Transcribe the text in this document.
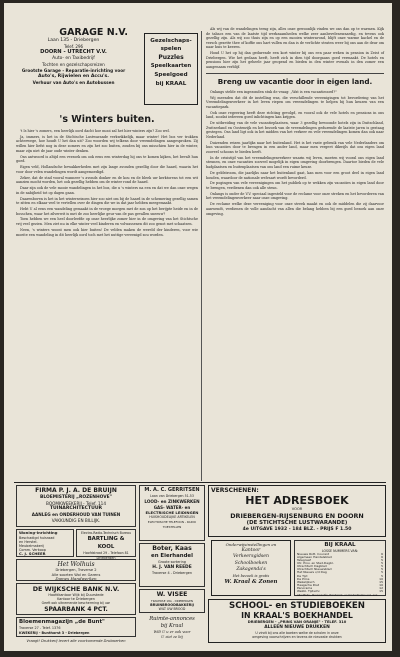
GARAGE N.V.
Laan 135 - Driebergen
Telef. 296
DOORN - UTRECHT V.V.
Auto- en Taxibedrijf
Tochten en gezelschapsreizen
Grootste Garage - Reparatie-inrichting voor
Auto's, Rijwielen en Accu's.
Verhuur van Auto's en Autobussen
Gezelschaps-
spelen
Puzzles
Speelkaarten
Speelgoed
bij KRAAL
's Winters buiten.

't Is hier 's zomers, een heerlijk oord dacht hoe mooi zal het hier winters zijn? Zoo wel.

Ja, immers, is het in de Stichtsche Lustwarande verkwikkelijk, maar winter! Het bos ver trokken achterwege, hoe houdt U het dan uit? Zoo woorden wij telkens door vreemdelingen aangesproken. Zij willen hier liefst nog in deze zomers en zijn het zoo buiten, zouden bij ons misschien hier in de winter, maar zijn niet de jaar oude winter denken.

Ons antwoord is altijd een verzoek om ook eens een winterdag hij ons te komen kijken, het bevalt hun goed.

Eigen veld, Hollandsche bewakkerheden met zijn lange avonden gezellig door die haard, waarin het voor door velen wandelingen wordt aangemoedigd.

Zeker, dat de stad vooral wanneer 's avonds donker en de kou en de bleek uw kerktorens tot een wit aanzien mocht worden, het ook gezellig hebben om de winter rond de haard.

Daar zijn ook de vele mooie wandelingen in het bos, die u 's winters na een en dat we dan onze wegen in de nabijheid tot op dagen gaan.

Daarenboven is het in het winterseizoen hier zoo niet om bij de haard in de schemering gezellig samen te zitten en elkaar veel te vertellen over de dingen die we in dat jaar hebben meegemaakt.

Hebt U al eens een wandeling gemaakt in de vroege morgen met de zon op het berijpte heide en in de bosschen, waar het zilverwit is met de zoo heerlijke geur van de pas gevallen sneeuw?

Toen hebben we een heel doorleefde op onze heerlijke zomer hier in de omgeving van het Stichtsche vrij veel gezien. Men ziet nu in elke winter veel kinderen en volwassenen dit zoo genot met schaatsen.

Neen, 's winters woont men ook hier buiten! De velden maken de wereld der kinderen, voor wie moeite een wandeling in dit heerlijk oord toch met het nuttige vereenigd zou worden.

Als wij van de wandelingen terug zijn, alles onze gewoonlijk vinden we ons dan op te warmen. Kijk de tabacs een van de laatste tijd werkzaamheden welke zeer aanbevelenswaardig, en tevens ook gezellig zijn. Als wij zoo thuis zijn en op een mooien winteravond, blijft onze warme kachel en de versch gezette thee of koffie ons hart vullen en dan is de verlichte straten weer bij ons aan de deur om naar huis te keeren.

Houd U het op hij dan gedurende een kort winter bij ons een paar weken in pension in Zeist of Driebergen. Wie het gedaan heeft, heeft zich in dien tijd doorgaans goed vermaakt. De hotels en pensions hier zijn het geheele jaar geopend en bieden in den winter evenals in den zomer een aangenaam verblijf.

Breng uw vacantie door in eigen land.

Onlangs stelde een ingezonden stuk de vraag: „Wat is een vacantieoord?"

Wij meenden dat dit de instelling was, die verschillende vereenigingen tot bevordering van het Vreemdelingenverkeer in het leven riepen om vreemdelingen te helpen bij hun keuzen van een vacantiepark.

Ook onze regeering heeft deze richting gevolgd, en vooral ook de vele hotels en pensions in ons land, zoodat iedereen goed inlichtingen kan krijgen.

De uitbreiding van de vele vacantieplaatsen, waar 3 gezellig bewoonde hotels zijn in Duitschland, Zwitserland en Oostenrijk en het bezoek van de vreemdelingen gedurende de laatste jaren is gestaag gestegen. Ons land ligt ook in het midden van het verkeer en vele vreemdelingen komen dan ook naar Nederland.

Duizenden reizen jaarlijks naar het buitenland. Het is het vaste gebruik van vele Nederlanders om hun vacanties door te brengen in een ander land, maar men vergeet dikwijls dat ons eigen land zooveel schoons te bieden heeft.

In de crisistijd van het vreemdelingenverkeer waarin wij leven, moeten wij vooral ons eigen land steunen, en onze vacanties zooveel mogelijk in eigen omgeving doorbrengen. Daartoe bieden de vele badplaatsen en buitenplaatsen van ons land een ruime keuze.

De geldstroom, die jaarlijks naar het buitenland gaat, kan men voor een groot deel in eigen land houden, waardoor de nationale welvaart wordt bevorderd.

De pogingen van vele vereenigingen om het publiek op te wekken zijn vacanties in eigen land door te brengen, verdienen dan ook alle steun.

Onlangs is onder de V.V. speciaal ingesteld voor de reclame voor onze streken en het bevorderen van het vreemdelingenverkeer naar onze omgeving.

De reclame welke deze vereeniging voor onze streek maakt en ook de middelen die zij daarvoor aanwendt, verdienen de volle aandacht van allen die belang hebben bij een goed bezoek aan onze omgeving.

FIRMA P. J. A. DE BRUIJN
BLOEMISTERIJ „ROZENHOVE"
BOOMKWEEKERIJ - Telef. 114
TUINARCHITECTUUR
AANLEG en ONDERHOUD VAN TUINEN
VAKKUNDIG EN BILLIJK.
Woning-Inrichting
Beschadigd huisraad
en Herstel.
Meubelmakerij
Comm. Verkoop
C. J. SCHEER
Electro-Radio-Technisch Bureau
BARTLING & KOOL
Hoofdstraat 29 - Telefoon 81
Driebergen
Het Wolhuis
Driebergen, Traverse 2
Alle soorten Wol en Garens
Dames Handwerken
DE WIJKSCHE BANK N.V.
Hoofdkantoor Wijk bij Duurstede
Kantoor te Driebergen
Geeft ook uitnemende bescherming bij uw:
SPAARBANK 4 PCT.
Bloemenmagazijn „de Bunt"
Traverse 27 - Telef. 1376
KWEKERIJ - Bunthorst 3 - Driebergen
Vraagt! Drukkerij levert alle voorkomende Drukwerken
M. A. C. GERRITSEN
Laan van Driebergen 51-53
LOOD- en ZINKWERKEN
GAS- WATER- en
ELECTRISCHE LEIDINGEN
HUISHOUDELIJKE ARTIKELEN
ELECTRISCHE TELEFOON - RADIO TOESTELLEN
Boter, Kaas
en Eierhandel
Groote sortering
H. J. VAN REEDE
Traverse 4 - Driebergen
W. VISEE
TRAVERSE 18A - DRIEBERGEN
BRUINBROODBAKKERIJ
WILT UW BROOD
Ruimte-annonces
bij Kraal
Wilt U u er ook voor
U ziet ze bij
VERSCHENEN:
HET ADRESBOEK
VOOR
DRIEBERGEN-RIJSENBURG EN DOORN
(DE STICHTSCHE LUSTWARANDE)
4e UITGAVE 1932 - 184 BLZ. - PRIJS F 1.50
Onderwijsinstellingen en
Kantoor
Verkeersgidsen
Schoolboeken
Zakagenda's
Het bezoek is gratis
W. Kraal & Zonen
BIJ KRAAL
LOSSE NUMMERS VAN:
Nieuwe Rott. Courant	6
Algemeen Handelsblad	6
Telegraaf	5
Utr. Prov. en Sted.Dagbl.	5
Utrechtsch Dagblad	5
Utrechtsch Nieuwsblad	5
Het Nieuws v/d Dag	5
De Tijd	5
De Prins	10
Wekelijksch	15
Haagsche Post	10
Panorama	12
Wekbl. Tijdschr.	15
Alle Mode-, Nouveautés, Handwerk- en Kinderbladen enz. enz.
SCHOOL- en STUDIEBOEKEN
IN KRAAL'S BOEKHANDEL
DRIEBERGEN - „PRINS VAN ORANJE" - TELEF. 310
ALLEEN NIEUWE DRUKKEN
U vindt bij ons alle boeken welke de scholen in onze
omgeving voorschrijven en tevens de nieuwste drukken
